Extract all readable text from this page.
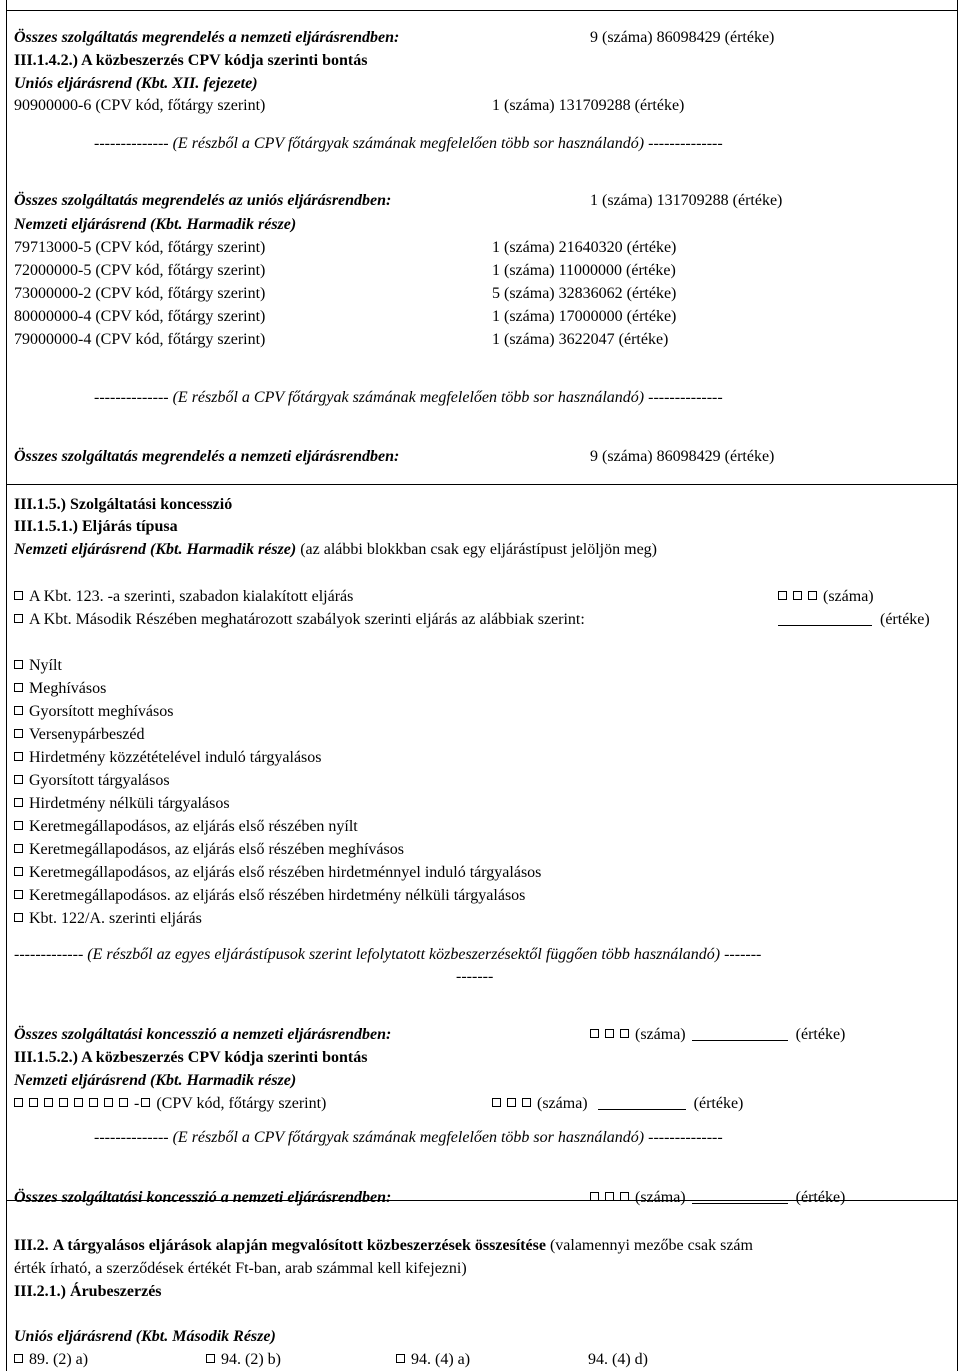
Összes szolgáltatás megrendelés a nemzeti eljárásrendben:	9 (száma) 86098429 (értéke)
III.1.4.2.) A közbeszerzés CPV kódja szerinti bontás
Uniós eljárásrend (Kbt. XII. fejezete)
90900000-6 (CPV kód, főtárgy szerint)	1 (száma) 131709288 (értéke)
-------------- (E részből a CPV főtárgyak számának megfelelően több sor használandó) --------------
Összes szolgáltatás megrendelés az uniós eljárásrendben:	1 (száma) 131709288 (értéke)
Nemzeti eljárásrend (Kbt. Harmadik része)
79713000-5 (CPV kód, főtárgy szerint)	1 (száma) 21640320 (értéke)
72000000-5 (CPV kód, főtárgy szerint)	1 (száma) 11000000 (értéke)
73000000-2 (CPV kód, főtárgy szerint)	5 (száma) 32836062 (értéke)
80000000-4 (CPV kód, főtárgy szerint)	1 (száma) 17000000 (értéke)
79000000-4 (CPV kód, főtárgy szerint)	1 (száma) 3622047 (értéke)
-------------- (E részből a CPV főtárgyak számának megfelelően több sor használandó) --------------
Összes szolgáltatás megrendelés a nemzeti eljárásrendben:	9 (száma) 86098429 (értéke)
III.1.5.) Szolgáltatási koncesszió
III.1.5.1.) Eljárás típusa
Nemzeti eljárásrend (Kbt. Harmadik része) (az alábbi blokkban csak egy eljárástípust jelöljön meg)
A Kbt. 123. -a szerinti, szabadon kialakított eljárás	(száma)
A Kbt. Második Részében meghatározott szabályok szerinti eljárás az alábbiak szerint:	(értéke)
Nyílt
Meghívásos
Gyorsított meghívásos
Versenypárbeszéd
Hirdetmény közzétételével induló tárgyalásos
Gyorsított tárgyalásos
Hirdetmény nélküli tárgyalásos
Keretmegállapodásos, az eljárás első részében nyílt
Keretmegállapodásos, az eljárás első részében meghívásos
Keretmegállapodásos, az eljárás első részében hirdetménnyel induló tárgyalásos
Keretmegállapodásos. az eljárás első részében hirdetmény nélküli tárgyalásos
Kbt. 122/A. szerinti eljárás
------------- (E részből az egyes eljárástípusok szerint lefolytatott közbeszerzésektől függően több használandó) -------
-------
Összes szolgáltatási koncesszió a nemzeti eljárásrendben:	(száma)	(értéke)
III.1.5.2.) A közbeszerzés CPV kódja szerinti bontás
Nemzeti eljárásrend (Kbt. Harmadik része)
- (CPV kód, főtárgy szerint)	(száma)	(értéke)
-------------- (E részből a CPV főtárgyak számának megfelelően több sor használandó) --------------
Összes szolgáltatási koncesszió a nemzeti eljárásrendben:	(száma)	(értéke)
III.2. A tárgyalásos eljárások alapján megvalósított közbeszerzések összesítése (valamennyi mezőbe csak szám
érték írható, a szerződések értékét Ft-ban, arab számmal kell kifejezni)
III.2.1.) Árubeszerzés
Uniós eljárásrend (Kbt. Második Része)
89. (2) a)	94. (2) b)	94. (4) a)	94. (4) d)
